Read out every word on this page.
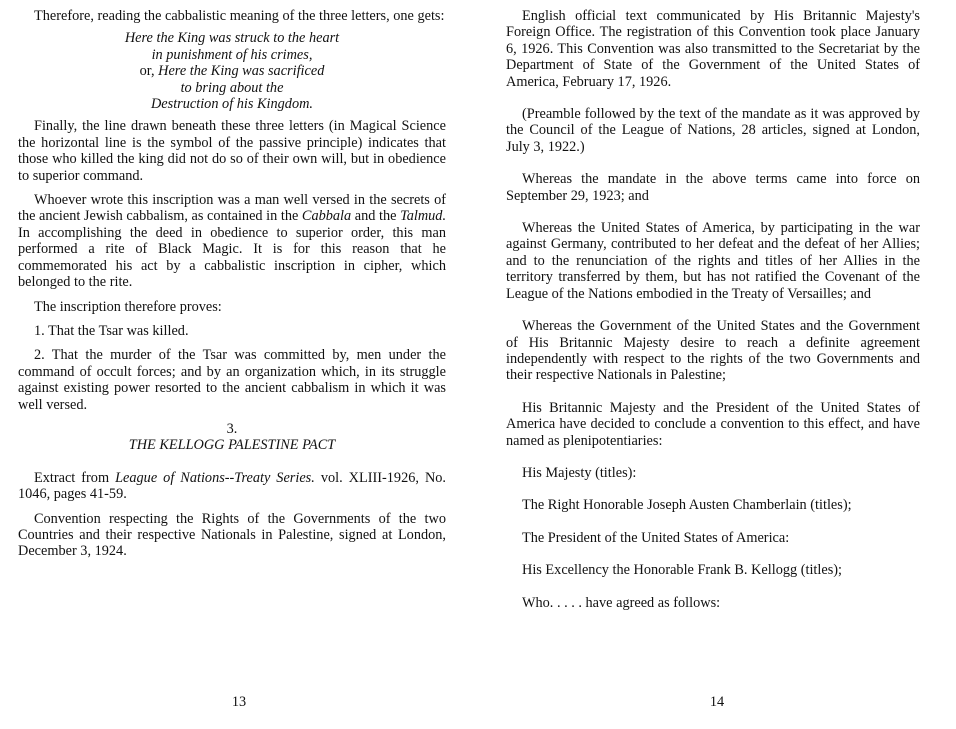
Therefore, reading the cabbalistic meaning of the three letters, one gets:

Here the King was struck to the heart
in punishment of his crimes,
or, Here the King was sacrificed
to bring about the
Destruction of his Kingdom.

Finally, the line drawn beneath these three letters (in Magical Science the horizontal line is the symbol of the passive principle) indicates that those who killed the king did not do so of their own will, but in obedience to superior command.

Whoever wrote this inscription was a man well versed in the secrets of the ancient Jewish cabbalism, as contained in the Cabbala and the Talmud. In accomplishing the deed in obedience to superior order, this man performed a rite of Black Magic. It is for this reason that he commemorated his act by a cabbalistic inscription in cipher, which belonged to the rite.

The inscription therefore proves:

1. That the Tsar was killed.

2. That the murder of the Tsar was committed by, men under the command of occult forces; and by an organization which, in its struggle against existing power resorted to the ancient cabbalism in which it was well versed.

3.

THE KELLOGG PALESTINE PACT

Extract from League of Nations--Treaty Series. vol. XLIII-1926, No. 1046, pages 41-59.

Convention respecting the Rights of the Governments of the two Countries and their respective Nationals in Palestine, signed at London, December 3, 1924.

13

English official text communicated by His Britannic Majesty's Foreign Office. The registration of this Convention took place January 6, 1926. This Convention was also transmitted to the Secretariat by the Department of State of the Government of the United States of America, February 17, 1926.

(Preamble followed by the text of the mandate as it was approved by the Council of the League of Nations, 28 articles, signed at London, July 3, 1922.)

Whereas the mandate in the above terms came into force on September 29, 1923; and

Whereas the United States of America, by participating in the war against Germany, contributed to her defeat and the defeat of her Allies; and to the renunciation of the rights and titles of her Allies in the territory transferred by them, but has not ratified the Covenant of the League of the Nations embodied in the Treaty of Versailles; and

Whereas the Government of the United States and the Government of His Britannic Majesty desire to reach a definite agreement independently with respect to the rights of the two Governments and their respective Nationals in Palestine;

His Britannic Majesty and the President of the United States of America have decided to conclude a convention to this effect, and have named as plenipotentiaries:

His Majesty (titles):

The Right Honorable Joseph Austen Chamberlain (titles);

The President of the United States of America:

His Excellency the Honorable Frank B. Kellogg (titles);

Who. . . . . have agreed as follows:

14
